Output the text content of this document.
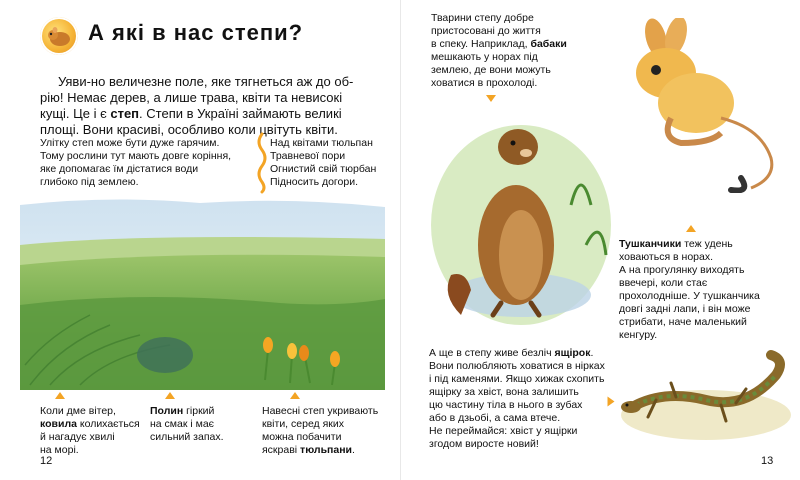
А які в нас степи?
Уяви-но величезне поле, яке тягнеться аж до об-
рію! Немає дерев, а лише трава, квіти та невисокі
кущі. Це і є степ. Степи в Україні займають великі
площі. Вони красиві, особливо коли цвітуть квіти.
Улітку степ може бути дуже гарячим.
Тому рослини тут мають довге коріння,
яке допомагає їм дістатися води
глибоко під землею.
Над квітами тюльпан
Травневої пори
Огнистий свій тюрбан
Підносить догори.
Коли дме вітер,
ковила колихається
й нагадує хвилі
на морі.
Полин гіркий
на смак і має
сильний запах.
Навесні степ укривають
квіти, серед яких
можна побачити
яскраві тюльпани.
12
Тварини степу добре
пристосовані до життя
в спеку. Наприклад, бабаки
мешкають у норах під
землею, де вони можуть
ховатися в прохолоді.
Тушканчики теж удень
ховаються в норах.
А на прогулянку виходять
ввечері, коли стає
прохолодніше. У тушканчика
довгі задні лапи, і він може
стрибати, наче маленький
кенгуру.
А ще в степу живе безліч ящірок.
Вони полюбляють ховатися в нірках
і під каменями. Якщо хижак схопить
ящірку за хвіст, вона залишить
цю частину тіла в нього в зубах
або в дзьобі, а сама втече.
Не переймайся: хвіст у ящірки
згодом виросте новий!
13
